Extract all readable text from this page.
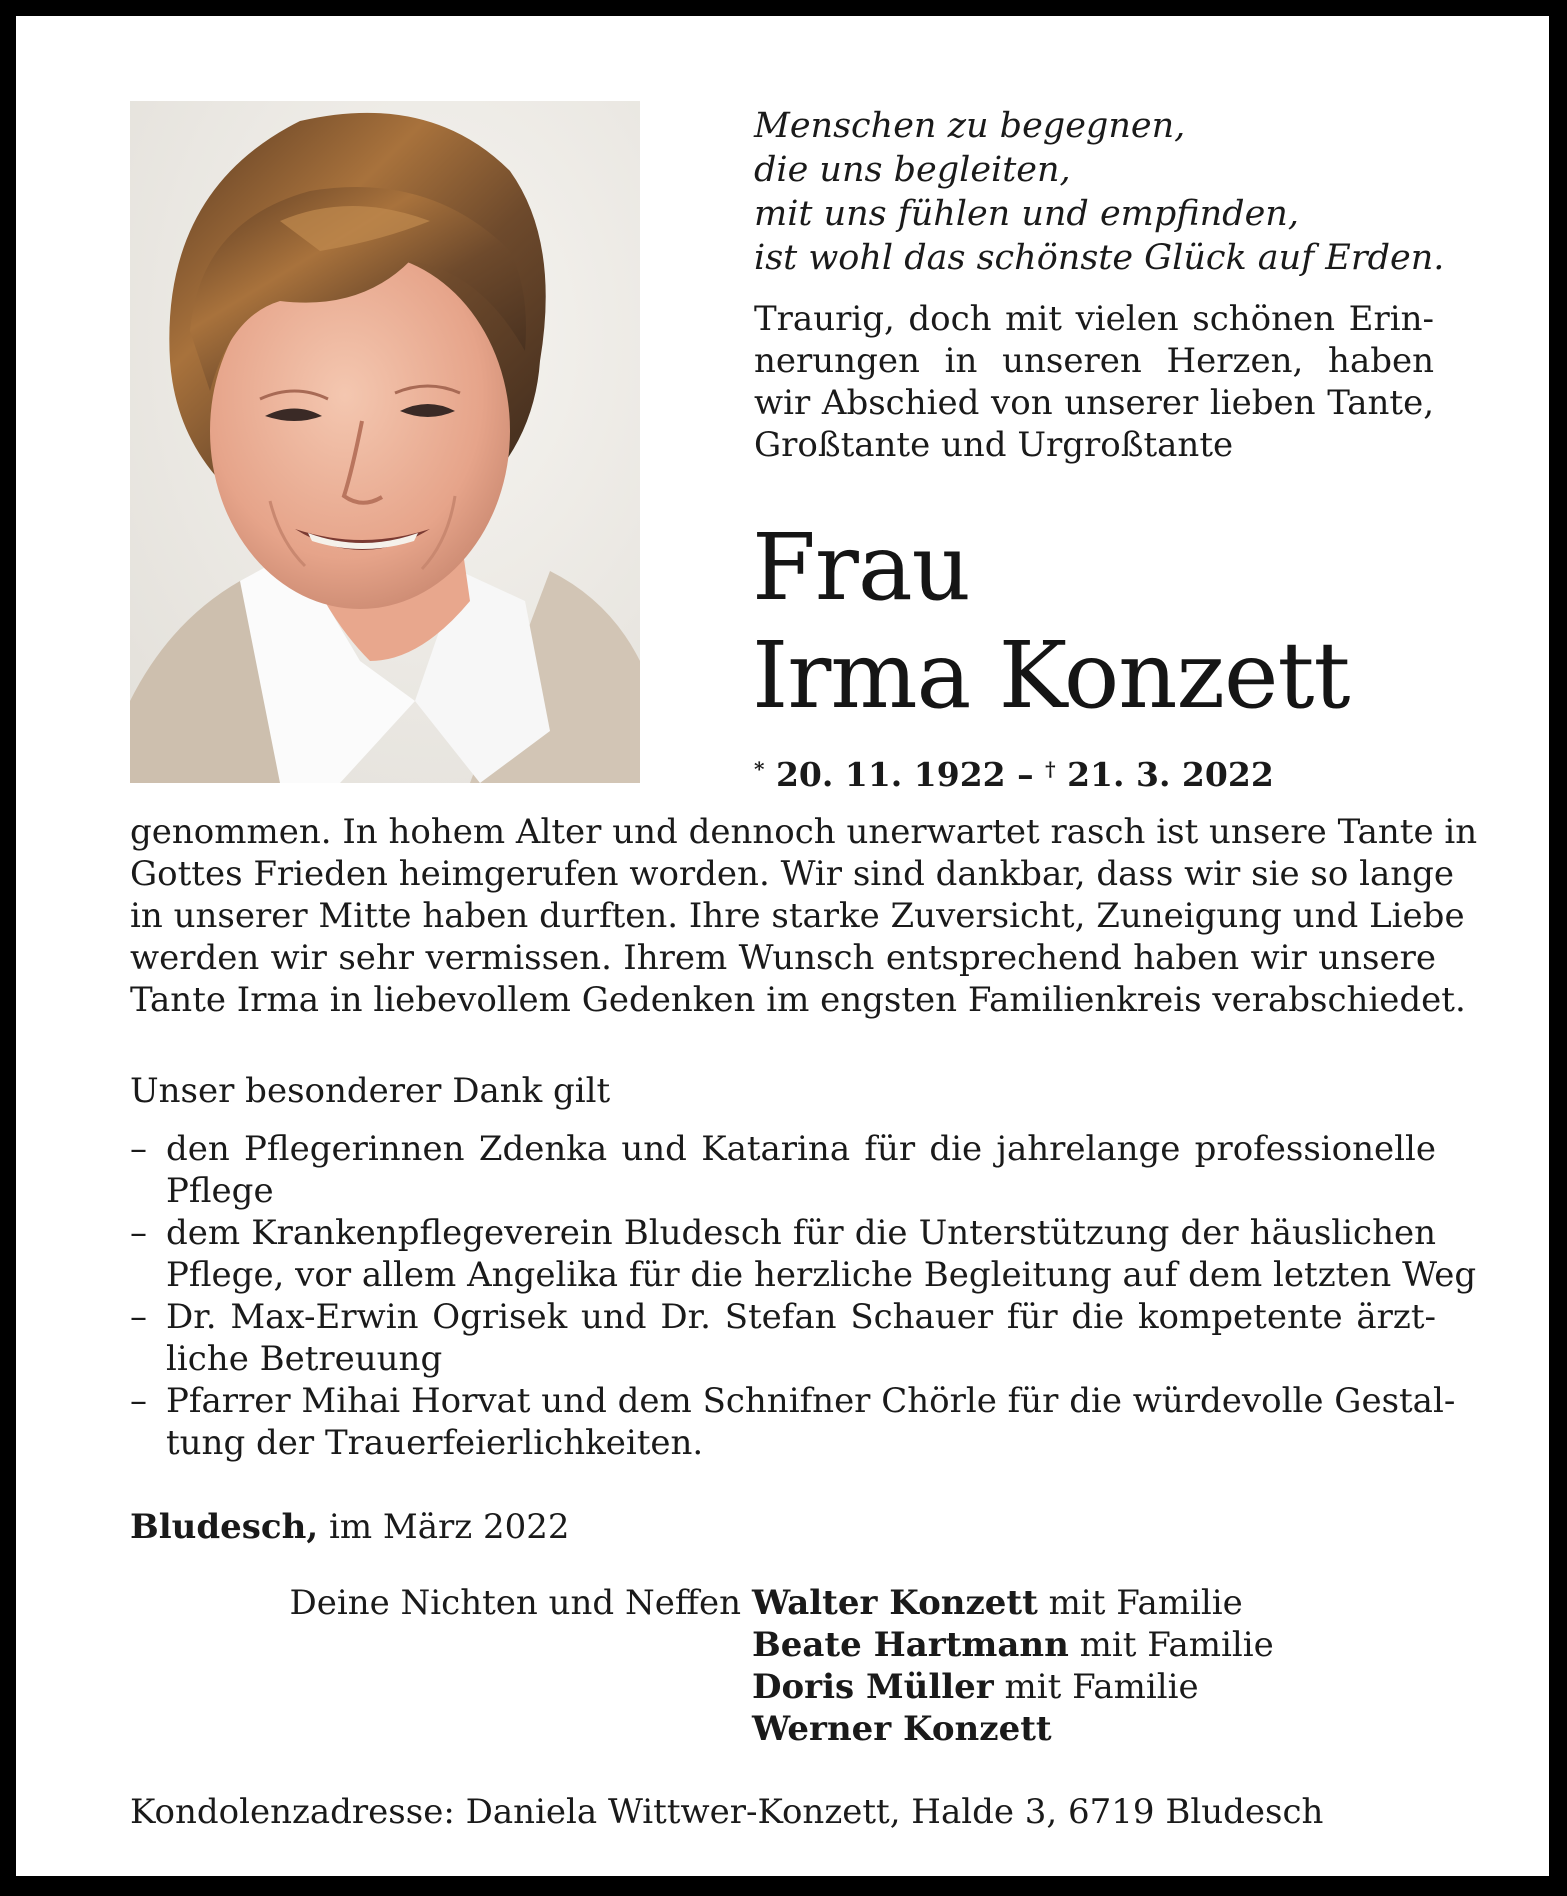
Menschen zu begegnen,
die uns begleiten,
mit uns fühlen und empfinden,
ist wohl das schönste Glück auf Erden.
Traurig, doch mit vielen schönen Erin-
nerungen in unseren Herzen, haben
wir Abschied von unserer lieben Tante,
Großtante und Urgroßtante
Frau
Irma Konzett
* 20. 11. 1922 – † 21. 3. 2022
genommen. In hohem Alter und dennoch unerwartet rasch ist unsere Tante in
Gottes Frieden heimgerufen worden. Wir sind dankbar, dass wir sie so lange
in unserer Mitte haben durften. Ihre starke Zuversicht, Zuneigung und Liebe
werden wir sehr vermissen. Ihrem Wunsch entsprechend haben wir unsere
Tante Irma in liebevollem Gedenken im engsten Familienkreis verabschiedet.
Unser besonderer Dank gilt
– den Pflegerinnen Zdenka und Katarina für die jahrelange professionelle
Pflege
– dem Krankenpflegeverein Bludesch für die Unterstützung der häuslichen
Pflege, vor allem Angelika für die herzliche Begleitung auf dem letzten Weg
– Dr. Max-Erwin Ogrisek und Dr. Stefan Schauer für die kompetente ärzt-
liche Betreuung
– Pfarrer Mihai Horvat und dem Schnifner Chörle für die würdevolle Gestal-
tung der Trauerfeierlichkeiten.
Bludesch, im März 2022
Deine Nichten und Neffen Walter Konzett mit Familie
Beate Hartmann mit Familie
Doris Müller mit Familie
Werner Konzett
Kondolenzadresse: Daniela Wittwer-Konzett, Halde 3, 6719 Bludesch
